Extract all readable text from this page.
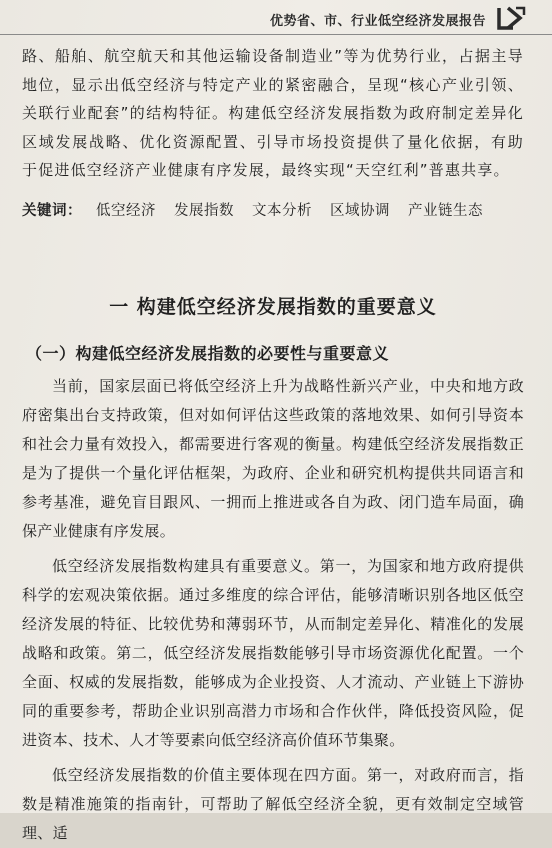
优势省、市、行业低空经济发展报告

路、船舶、航空航天和其他运输设备制造业”等为优势行业，占据主导地位，显示出低空经济与特定产业的紧密融合，呈现“核心产业引领、关联行业配套”的结构特征。构建低空经济发展指数为政府制定差异化区域发展战略、优化资源配置、引导市场投资提供了量化依据，有助于促进低空经济产业健康有序发展，最终实现“天空红利”普惠共享。

关键词： 低空经济 发展指数 文本分析 区域协调 产业链生态
一 构建低空经济发展指数的重要意义
（一）构建低空经济发展指数的必要性与重要意义

当前，国家层面已将低空经济上升为战略性新兴产业，中央和地方政府密集出台支持政策，但对如何评估这些政策的落地效果、如何引导资本和社会力量有效投入，都需要进行客观的衡量。构建低空经济发展指数正是为了提供一个量化评估框架，为政府、企业和研究机构提供共同语言和参考基准，避免盲目跟风、一拥而上推进或各自为政、闭门造车局面，确保产业健康有序发展。

低空经济发展指数构建具有重要意义。第一，为国家和地方政府提供科学的宏观决策依据。通过多维度的综合评估，能够清晰识别各地区低空经济发展的特征、比较优势和薄弱环节，从而制定差异化、精准化的发展战略和政策。第二，低空经济发展指数能够引导市场资源优化配置。一个全面、权威的发展指数，能够成为企业投资、人才流动、产业链上下游协同的重要参考，帮助企业识别高潜力市场和合作伙伴，降低投资风险，促进资本、技术、人才等要素向低空经济高价值环节集聚。

低空经济发展指数的价值主要体现在四方面。第一，对政府而言，指数是精准施策的指南针，可帮助了解低空经济全貌，更有效制定空域管理、适
